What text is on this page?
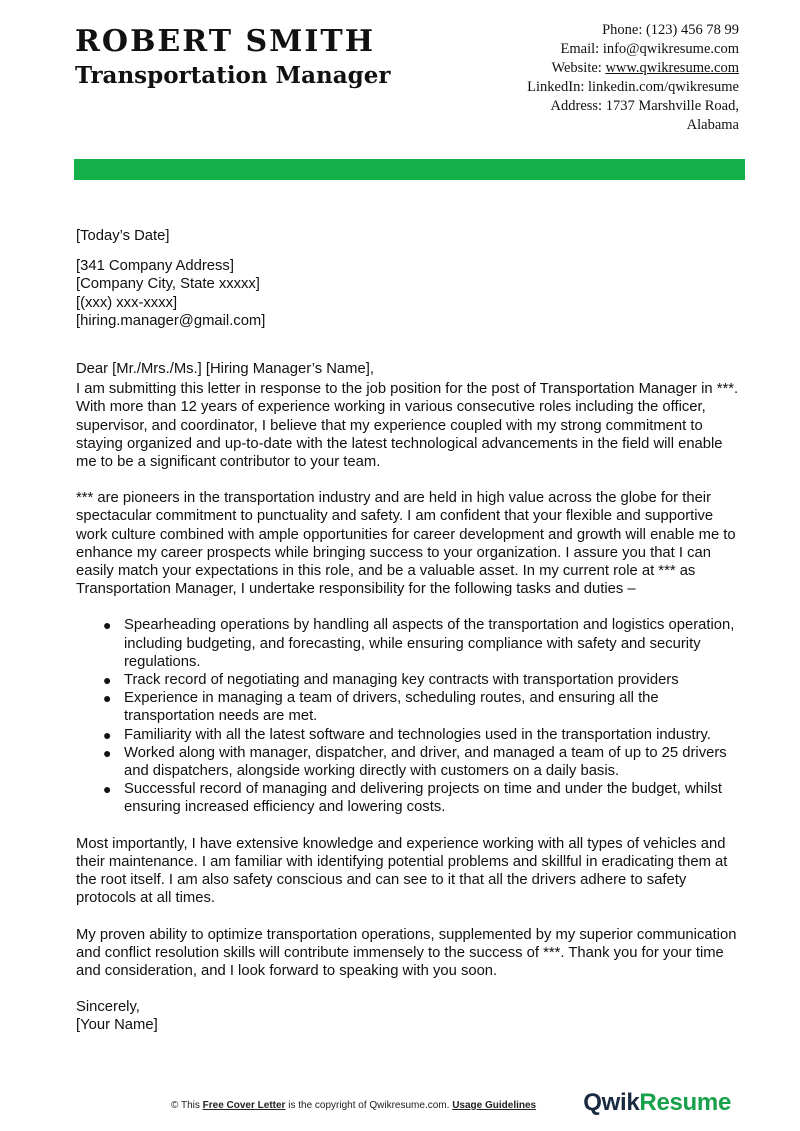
ROBERT SMITH
Transportation Manager
Phone: (123) 456 78 99
Email: info@qwikresume.com
Website: www.qwikresume.com
LinkedIn: linkedin.com/qwikresume
Address: 1737 Marshville Road,
Alabama

[Today’s Date]

[341 Company Address]

[Company City, State xxxxx]

[(xxx) xxx-xxxx]

[hiring.manager@gmail.com]

Dear [Mr./Mrs./Ms.] [Hiring Manager’s Name],

I am submitting this letter in response to the job position for the post of Transportation Manager in ***. With more than 12 years of experience working in various consecutive roles including the officer, supervisor, and coordinator, I believe that my experience coupled with my strong commitment to staying organized and up-to-date with the latest technological advancements in the field will enable me to be a significant contributor to your team.

*** are pioneers in the transportation industry and are held in high value across the globe for their spectacular commitment to punctuality and safety. I am confident that your flexible and supportive work culture combined with ample opportunities for career development and growth will enable me to enhance my career prospects while bringing success to your organization. I assure you that I can easily match your expectations in this role, and be a valuable asset. In my current role at *** as Transportation Manager, I undertake responsibility for the following tasks and duties –

● Spearheading operations by handling all aspects of the transportation and logistics operation, including budgeting, and forecasting, while ensuring compliance with safety and security regulations.
● Track record of negotiating and managing key contracts with transportation providers
● Experience in managing a team of drivers, scheduling routes, and ensuring all the transportation needs are met.
● Familiarity with all the latest software and technologies used in the transportation industry.
● Worked along with manager, dispatcher, and driver, and managed a team of up to 25 drivers and dispatchers, alongside working directly with customers on a daily basis.
● Successful record of managing and delivering projects on time and under the budget, whilst ensuring increased efficiency and lowering costs.

Most importantly, I have extensive knowledge and experience working with all types of vehicles and their maintenance. I am familiar with identifying potential problems and skillful in eradicating them at the root itself. I am also safety conscious and can see to it that all the drivers adhere to safety protocols at all times.

My proven ability to optimize transportation operations, supplemented by my superior communication and conflict resolution skills will contribute immensely to the success of ***. Thank you for your time and consideration, and I look forward to speaking with you soon.

Sincerely,

[Your Name]

© This Free Cover Letter is the copyright of Qwikresume.com. Usage Guidelines QwikResume
